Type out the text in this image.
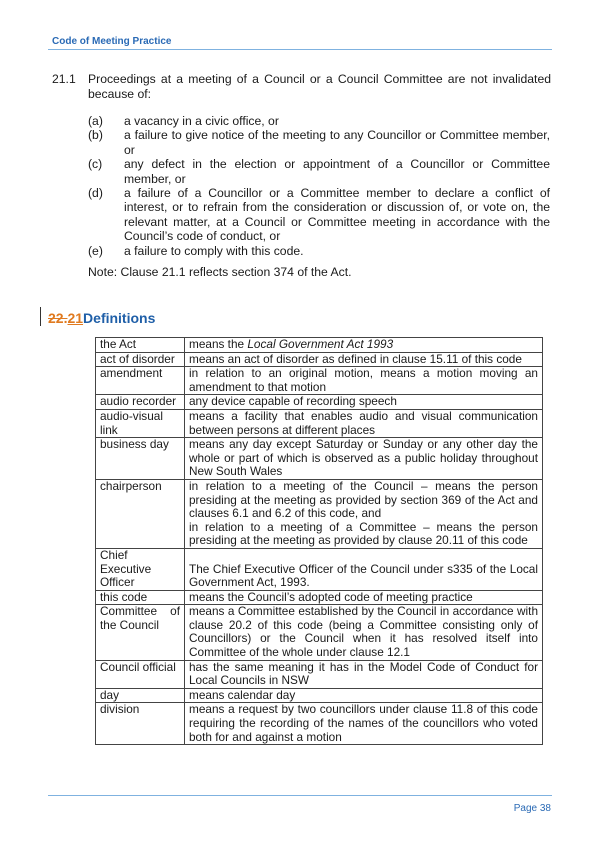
Code of Meeting Practice
21.1 Proceedings at a meeting of a Council or a Council Committee are not invalidated because of:
(a) a vacancy in a civic office, or
(b) a failure to give notice of the meeting to any Councillor or Committee member, or
(c) any defect in the election or appointment of a Councillor or Committee member, or
(d) a failure of a Councillor or a Committee member to declare a conflict of interest, or to refrain from the consideration or discussion of, or vote on, the relevant matter, at a Council or Committee meeting in accordance with the Council’s code of conduct, or
(e) a failure to comply with this code.
Note: Clause 21.1 reflects section 374 of the Act.
22.21Definitions
the Act	means the Local Government Act 1993
act of disorder	means an act of disorder as defined in clause 15.11 of this code
amendment	in relation to an original motion, means a motion moving an amendment to that motion
audio recorder	any device capable of recording speech
audio-visual link	means a facility that enables audio and visual communication between persons at different places
business day	means any day except Saturday or Sunday or any other day the whole or part of which is observed as a public holiday throughout New South Wales
chairperson	in relation to a meeting of the Council – means the person presiding at the meeting as provided by section 369 of the Act and clauses 6.1 and 6.2 of this code, and
in relation to a meeting of a Committee – means the person presiding at the meeting as provided by clause 20.11 of this code

Chief Executive Officer	The Chief Executive Officer of the Council under s335 of the Local Government Act, 1993.
this code	means the Council’s adopted code of meeting practice
Committee of the Council	means a Committee established by the Council in accordance with clause 20.2 of this code (being a Committee consisting only of Councillors) or the Council when it has resolved itself into Committee of the whole under clause 12.1
Council official	has the same meaning it has in the Model Code of Conduct for Local Councils in NSW
day	means calendar day
division	means a request by two councillors under clause 11.8 of this code requiring the recording of the names of the councillors who voted both for and against a motion
Page 38
